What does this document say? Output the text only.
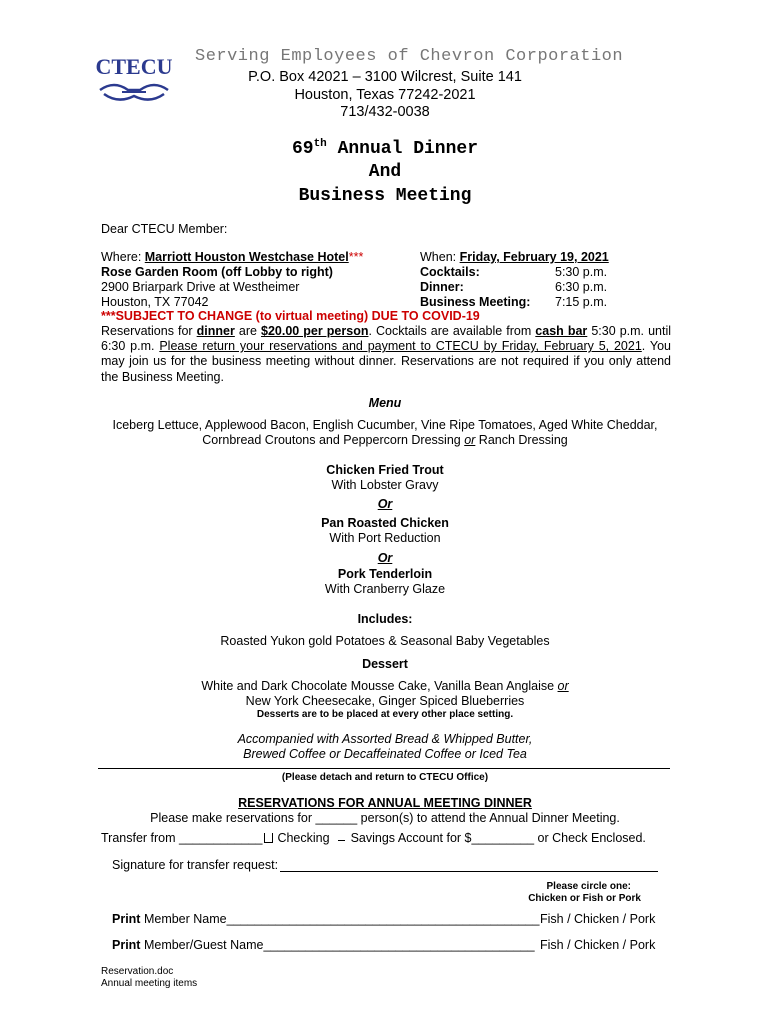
CTECU Serving Employees of Chevron Corporation
P.O. Box 42021 – 3100 Wilcrest, Suite 141
Houston, Texas 77242-2021
713/432-0038
69th Annual Dinner
And
Business Meeting
Dear CTECU Member:
Where: Marriott Houston Westchase Hotel***
Rose Garden Room (off Lobby to right)
2900 Briarpark Drive at Westheimer
Houston, TX 77042
When: Friday, February 19, 2021
Cocktails:	5:30 p.m.
Dinner:	6:30 p.m.
Business Meeting: 7:15 p.m.
***SUBJECT TO CHANGE (to virtual meeting) DUE TO COVID-19
Reservations for dinner are $20.00 per person. Cocktails are available from cash bar 5:30 p.m. until 6:30 p.m. Please return your reservations and payment to CTECU by Friday, February 5, 2021. You may join us for the business meeting without dinner. Reservations are not required if you only attend the Business Meeting.
Menu
Iceberg Lettuce, Applewood Bacon, English Cucumber, Vine Ripe Tomatoes, Aged White Cheddar,
Cornbread Croutons and Peppercorn Dressing or Ranch Dressing
Chicken Fried Trout
With Lobster Gravy
Or
Pan Roasted Chicken
With Port Reduction
Or
Pork Tenderloin
With Cranberry Glaze
Includes:
Roasted Yukon gold Potatoes & Seasonal Baby Vegetables
Dessert
White and Dark Chocolate Mousse Cake, Vanilla Bean Anglaise or
New York Cheesecake, Ginger Spiced Blueberries
Desserts are to be placed at every other place setting.
Accompanied with Assorted Bread & Whipped Butter,
Brewed Coffee or Decaffeinated Coffee or Iced Tea
(Please detach and return to CTECU Office)
RESERVATIONS FOR ANNUAL MEETING DINNER
Please make reservations for ______ person(s) to attend the Annual Dinner Meeting.
Transfer from ____________ Checking Savings Account for $_________ or Check Enclosed.
Signature for transfer request:
Please circle one:
Chicken or Fish or Pork
Print Member Name_____________________________________________ Fish / Chicken / Pork
Print Member/Guest Name_______________________________________ Fish / Chicken / Pork
Reservation.doc
Annual meeting items
